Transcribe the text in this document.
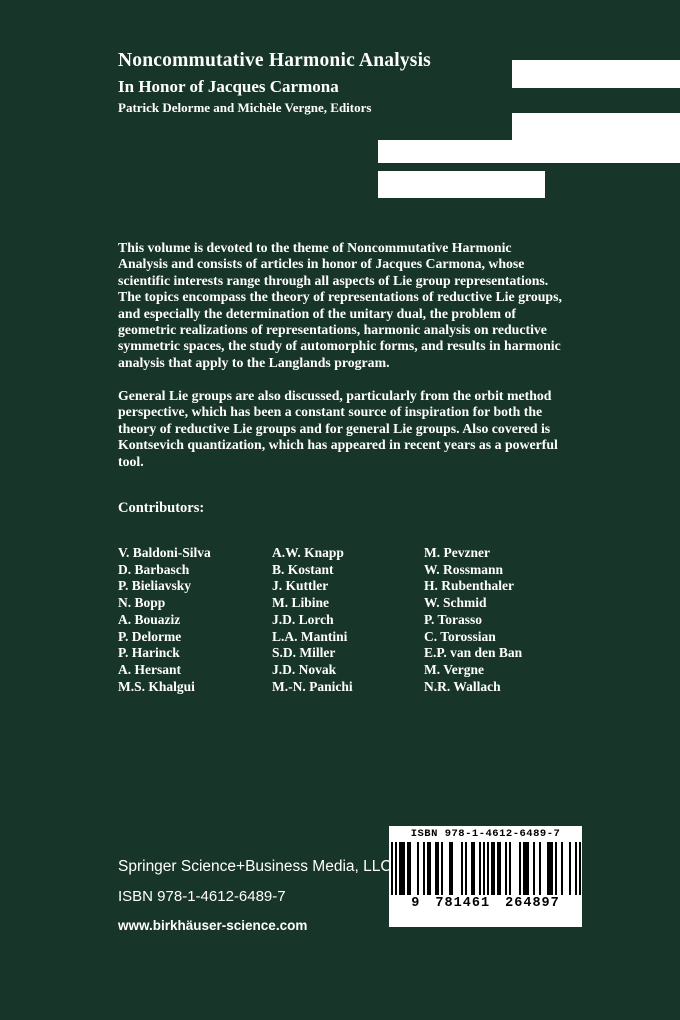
Noncommutative Harmonic Analysis
In Honor of Jacques Carmona
Patrick Delorme and Michèle Vergne, Editors
This volume is devoted to the theme of Noncommutative Harmonic Analysis and consists of articles in honor of Jacques Carmona, whose scientific interests range through all aspects of Lie group representations. The topics encompass the theory of representations of reductive Lie groups, and especially the determination of the unitary dual, the problem of geometric realizations of representations, harmonic analysis on reductive symmetric spaces, the study of automorphic forms, and results in harmonic analysis that apply to the Langlands program.
General Lie groups are also discussed, particularly from the orbit method perspective, which has been a constant source of inspiration for both the theory of reductive Lie groups and for general Lie groups. Also covered is Kontsevich quantization, which has appeared in recent years as a powerful tool.
Contributors:
V. Baldoni-Silva
D. Barbasch
P. Bieliavsky
N. Bopp
A. Bouaziz
P. Delorme
P. Harinck
A. Hersant
M.S. Khalgui
A.W. Knapp
B. Kostant
J. Kuttler
M. Libine
J.D. Lorch
L.A. Mantini
S.D. Miller
J.D. Novak
M.-N. Panichi
M. Pevzner
W. Rossmann
H. Rubenthaler
W. Schmid
P. Torasso
C. Torossian
E.P. van den Ban
M. Vergne
N.R. Wallach
ISBN 978-1-4612-6489-7
9 781461 264897
Springer Science+Business Media, LLC
ISBN 978-1-4612-6489-7
www.birkhäuser-science.com
